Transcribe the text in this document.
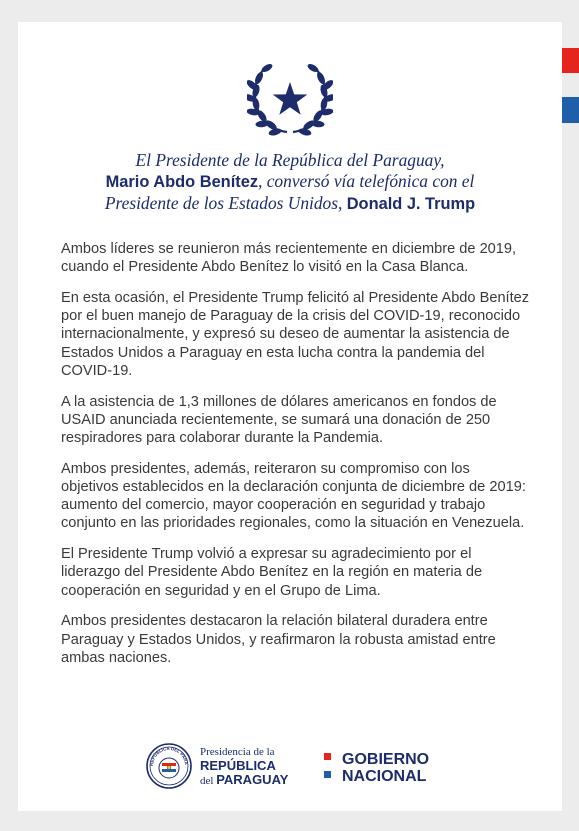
El Presidente de la República del Paraguay,
Mario Abdo Benítez, conversó vía telefónica con el
Presidente de los Estados Unidos, Donald J. Trump

Ambos líderes se reunieron más recientemente en diciembre de 2019, cuando el Presidente Abdo Benítez lo visitó en la Casa Blanca.

En esta ocasión, el Presidente Trump felicitó al Presidente Abdo Benítez por el buen manejo de Paraguay de la crisis del COVID-19, reconocido internacionalmente, y expresó su deseo de aumentar la asistencia de Estados Unidos a Paraguay en esta lucha contra la pandemia del COVID-19.

A la asistencia de 1,3 millones de dólares americanos en fondos de USAID anunciada recientemente, se sumará una donación de 250 respiradores para colaborar durante la Pandemia.

Ambos presidentes, además, reiteraron su compromiso con los objetivos establecidos en la declaración conjunta de diciembre de 2019: aumento del comercio, mayor cooperación en seguridad y trabajo conjunto en las prioridades regionales, como la situación en Venezuela.

El Presidente Trump volvió a expresar su agradecimiento por el liderazgo del Presidente Abdo Benítez en la región en materia de cooperación en seguridad y en el Grupo de Lima.

Ambos presidentes destacaron la relación bilateral duradera entre Paraguay y Estados Unidos, y reafirmaron la robusta amistad entre ambas naciones.

REPÚBLICA DEL PARA
Presidencia de la
REPÚBLICA
del PARAGUAY
GOBIERNO
NACIONAL
